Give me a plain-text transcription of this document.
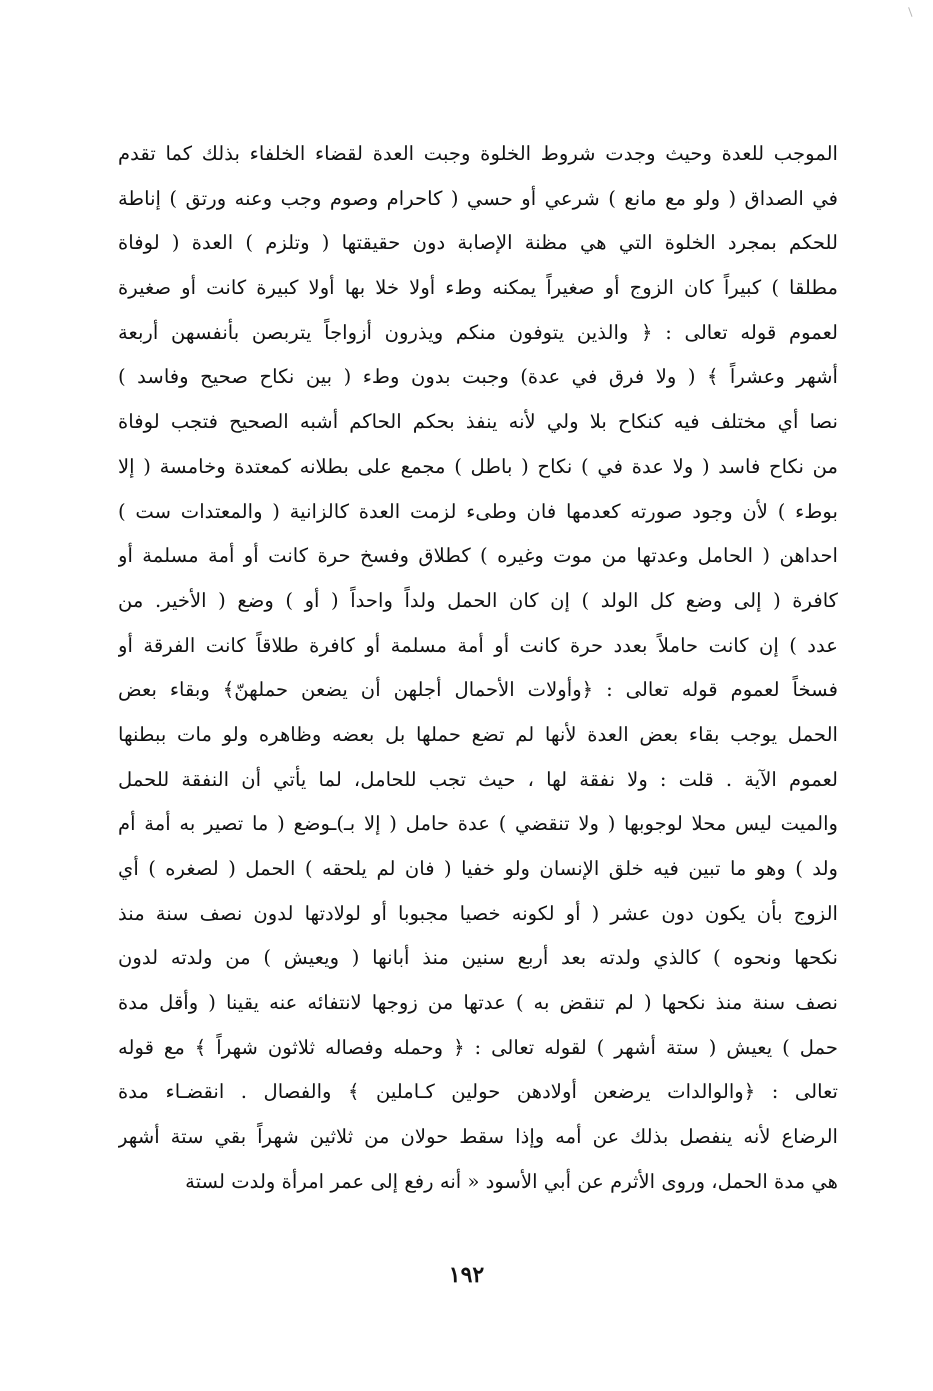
الموجب للعدة وحيث وجدت شروط الخلوة وجبت العدة لقضاء الخلفاء بذلك كما تقدم
في الصداق ( ولو مع مانع ) شرعي أو حسي ( كاحرام وصوم وجب وعنه ورتق ) إناطة
للحكم بمجرد الخلوة التي هي مظنة الإصابة دون حقيقتها ( وتلزم ) العدة ( لوفاة
مطلقا ) كبيراً كان الزوج أو صغيراً يمكنه وطء أولا خلا بها أولا كبيرة كانت أو صغيرة
لعموم قوله تعالى : ﴿ والذين يتوفون منكم ويذرون أزواجاً يتربصن بأنفسهن أربعة
أشهر وعشراً ﴾ ( ولا فرق في عدة) وجبت بدون وطء ( بين نكاح صحيح وفاسد )
نصا أي مختلف فيه كنكاح بلا ولي لأنه ينفذ بحكم الحاكم أشبه الصحيح فتجب لوفاة
من نكاح فاسد ( ولا عدة في ) نكاح ( باطل ) مجمع على بطلانه كمعتدة وخامسة ( إلا
بوطء ) لأن وجود صورته كعدمها فان وطىء لزمت العدة كالزانية ( والمعتدات ست )
احداهن ( الحامل وعدتها من موت وغيره ) كطلاق وفسخ حرة كانت أو أمة مسلمة أو
كافرة ( إلى وضع كل الولد ) إن كان الحمل ولداً واحداً ( أو ) وضع ( الأخير. من
عدد ) إن كانت حاملاً بعدد حرة كانت أو أمة مسلمة أو كافرة طلاقاً كانت الفرقة أو
فسخاً لعموم قوله تعالى : ﴿وأولات الأحمال أجلهن أن يضعن حملهنّ﴾ وبقاء بعض
الحمل يوجب بقاء بعض العدة لأنها لم تضع حملها بل بعضه وظاهره ولو مات ببطنها
لعموم الآية . قلت : ولا نفقة لها ، حيث تجب للحامل، لما يأتي أن النفقة للحمل
والميت ليس محلا لوجوبها ( ولا تنقضي ) عدة حامل ( إلا بـ)ـوضع ( ما تصير به أمة أم
ولد ) وهو ما تبين فيه خلق الإنسان ولو خفيا ( فان لم يلحقه ) الحمل ( لصغره ) أي
الزوج بأن يكون دون عشر ( أو لكونه خصيا مجبوبا أو لولادتها لدون نصف سنة منذ
نكحها ونحوه ) كالذي ولدته بعد أربع سنين منذ أبانها ( ويعيش ) من ولدته لدون
نصف سنة منذ نكحها ( لم تنقض به ) عدتها من زوجها لانتفائه عنه يقينا ( وأقل مدة
حمل ) يعيش ( ستة أشهر ) لقوله تعالى : ﴿ وحمله وفصاله ثلاثون شهراً ﴾ مع قوله
تعالى : ﴿والوالدات يرضعن أولادهن حولين كـاملين ﴾ والفصال . انقضـاء مدة
الرضاع لأنه ينفصل بذلك عن أمه وإذا سقط حولان من ثلاثين شهراً بقي ستة أشهر
هي مدة الحمل، وروى الأثرم عن أبي الأسود « أنه رفع إلى عمر امرأة ولدت لستة
١٩٢
